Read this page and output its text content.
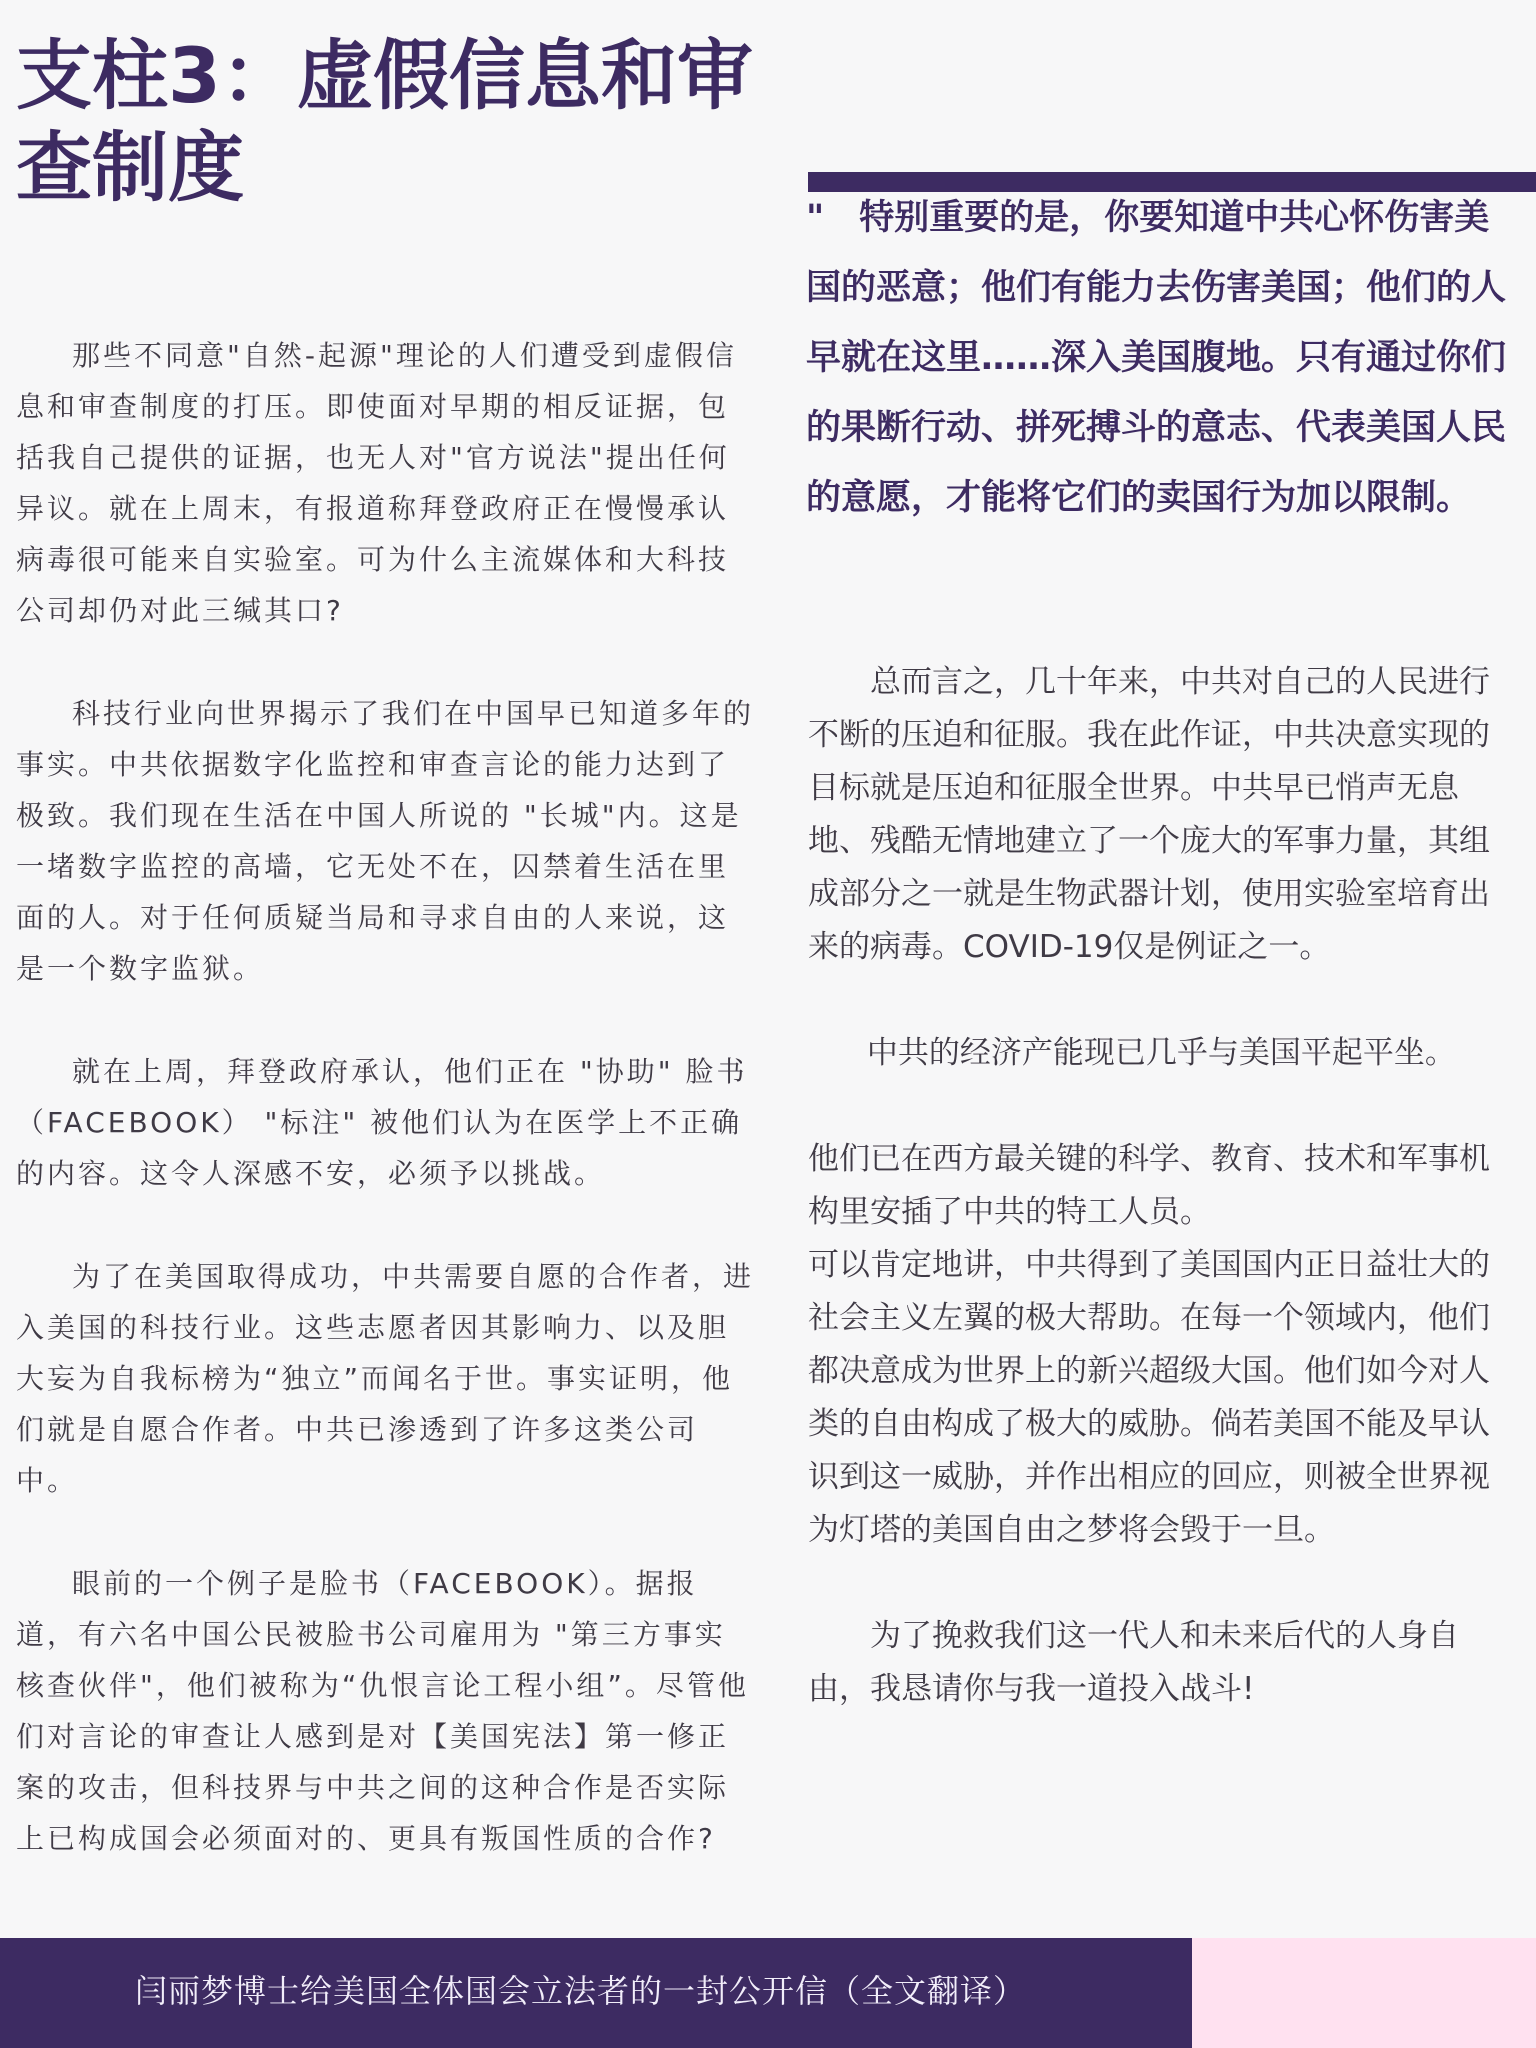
支柱3：虚假信息和审查制度

那些不同意"自然-起源"理论的人们遭受到虚假信息和审查制度的打压。即使面对早期的相反证据，包括我自己提供的证据，也无人对"官方说法"提出任何异议。就在上周末，有报道称拜登政府正在慢慢承认病毒很可能来自实验室。可为什么主流媒体和大科技公司却仍对此三缄其口?

科技行业向世界揭示了我们在中国早已知道多年的事实。中共依据数字化监控和审查言论的能力达到了极致。我们现在生活在中国人所说的 "长城"内。这是一堵数字监控的高墙，它无处不在，囚禁着生活在里面的人。对于任何质疑当局和寻求自由的人来说，这是一个数字监狱。

就在上周，拜登政府承认，他们正在 "协助" 脸书（FACEBOOK） "标注" 被他们认为在医学上不正确的内容。这令人深感不安，必须予以挑战。

为了在美国取得成功，中共需要自愿的合作者，进入美国的科技行业。这些志愿者因其影响力、以及胆大妄为自我标榜为“独立”而闻名于世。事实证明，他们就是自愿合作者。中共已渗透到了许多这类公司中。

眼前的一个例子是脸书（FACEBOOK）。据报道，有六名中国公民被脸书公司雇用为 "第三方事实核查伙伴"，他们被称为“仇恨言论工程小组”。尽管他们对言论的审查让人感到是对【美国宪法】第一修正案的攻击，但科技界与中共之间的这种合作是否实际上已构成国会必须面对的、更具有叛国性质的合作?

"　特别重要的是，你要知道中共心怀伤害美国的恶意；他们有能力去伤害美国；他们的人早就在这里……深入美国腹地。只有通过你们的果断行动、拼死搏斗的意志、代表美国人民的意愿，才能将它们的卖国行为加以限制。

总而言之，几十年来，中共对自己的人民进行不断的压迫和征服。我在此作证，中共决意实现的目标就是压迫和征服全世界。中共早已悄声无息地、残酷无情地建立了一个庞大的军事力量，其组成部分之一就是生物武器计划，使用实验室培育出来的病毒。COVID-19仅是例证之一。

中共的经济产能现已几乎与美国平起平坐。

他们已在西方最关键的科学、教育、技术和军事机构里安插了中共的特工人员。

可以肯定地讲，中共得到了美国国内正日益壮大的社会主义左翼的极大帮助。在每一个领域内，他们都决意成为世界上的新兴超级大国。他们如今对人类的自由构成了极大的威胁。倘若美国不能及早认识到这一威胁，并作出相应的回应，则被全世界视为灯塔的美国自由之梦将会毁于一旦。

为了挽救我们这一代人和未来后代的人身自由，我恳请你与我一道投入战斗!

闫丽梦博士给美国全体国会立法者的一封公开信（全文翻译）
